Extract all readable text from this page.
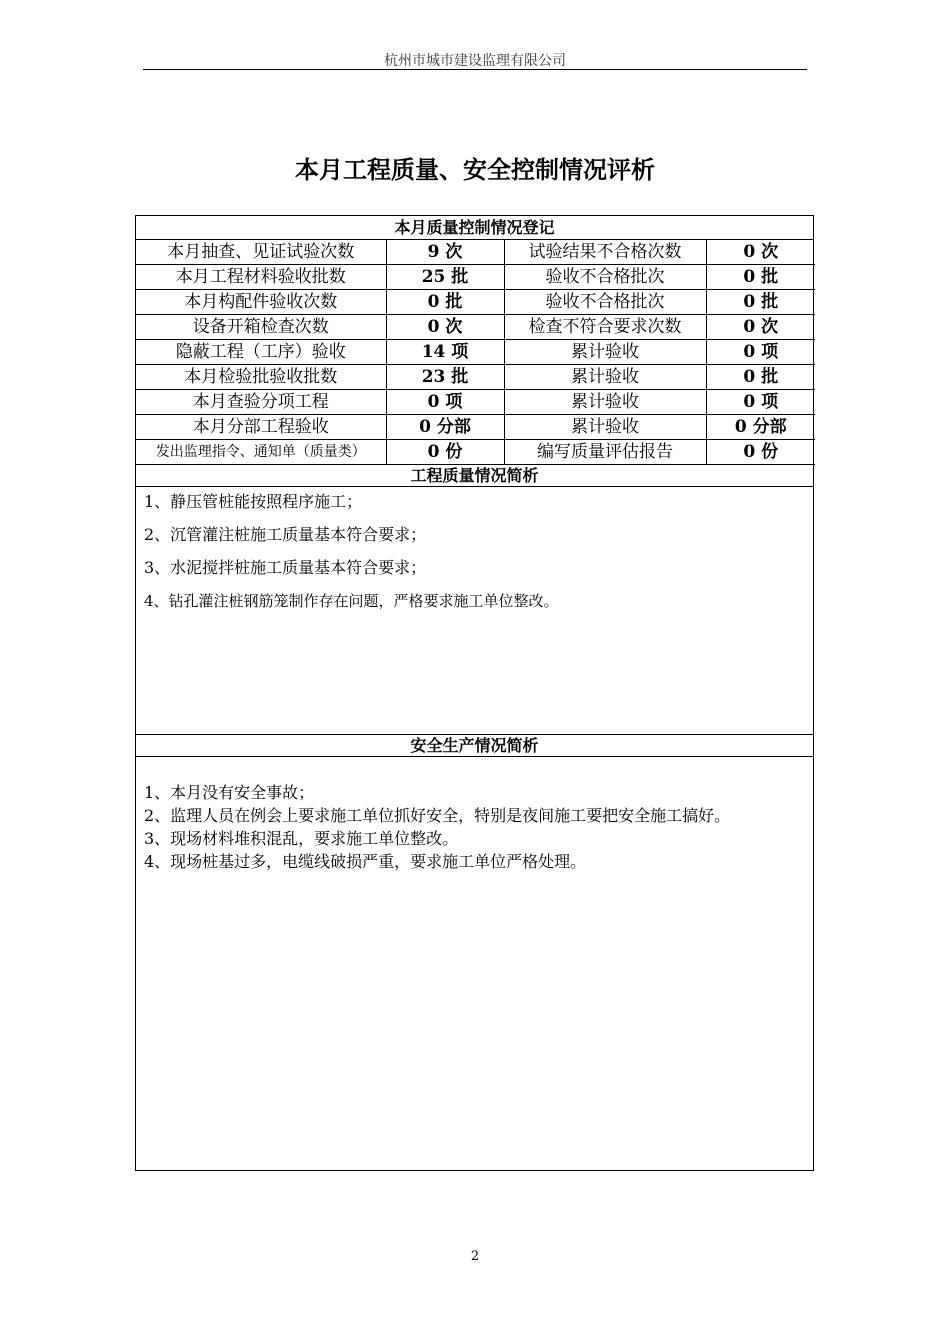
杭州市城市建设监理有限公司
本月工程质量、安全控制情况评析
本月质量控制情况登记
本月抽查、见证试验次数	9 次	试验结果不合格次数	0 次
本月工程材料验收批数	25 批	验收不合格批次	0 批
本月构配件验收次数	0 批	验收不合格批次	0 批
设备开箱检查次数	0 次	检查不符合要求次数	0 次
隐蔽工程（工序）验收	14 项	累计验收	0 项
本月检验批验收批数	23 批	累计验收	0 批
本月查验分项工程	0 项	累计验收	0 项
本月分部工程验收	0 分部	累计验收	0 分部
发出监理指令、通知单（质量类）	0 份	编写质量评估报告	0 份
工程质量情况简析
1、静压管桩能按照程序施工；
2、沉管灌注桩施工质量基本符合要求；
3、水泥搅拌桩施工质量基本符合要求；
4、钻孔灌注桩钢筋笼制作存在问题，严格要求施工单位整改。
安全生产情况简析
1、本月没有安全事故；
2、监理人员在例会上要求施工单位抓好安全，特别是夜间施工要把安全施工搞好。
3、现场材料堆积混乱，要求施工单位整改。
4、现场桩基过多，电缆线破损严重，要求施工单位严格处理。
2
